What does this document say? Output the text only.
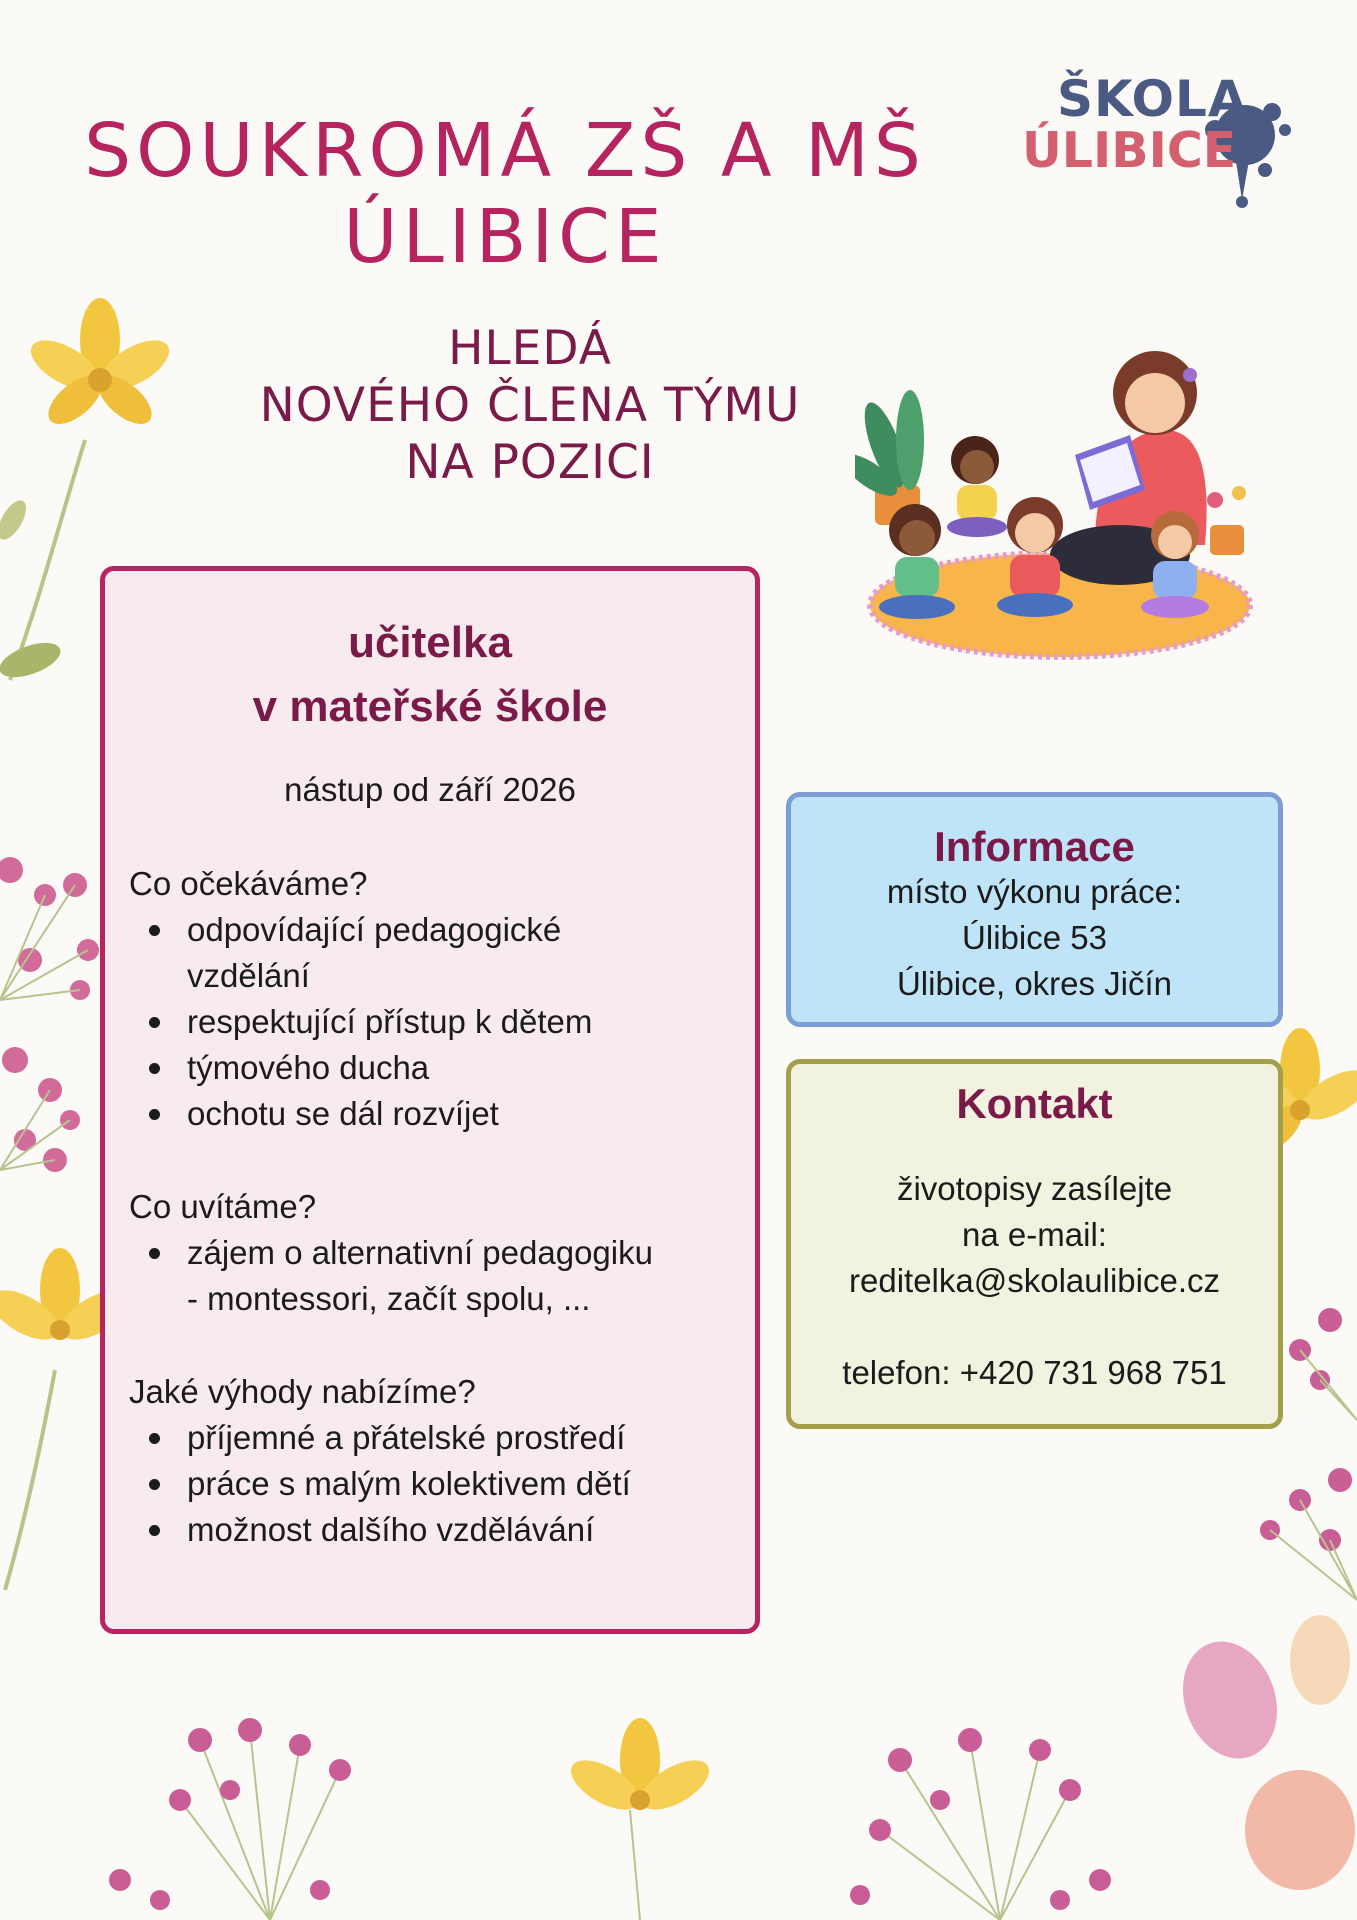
SOUKROMÁ ZŠ A MŠ
ÚLIBICE
HLEDÁ
NOVÉHO ČLENA TÝMU
NA POZICI
ŠKOLA
ÚLIBICE
učitelka
v mateřské škole
nástup od září 2026
Co očekáváme?
odpovídající pedagogické
vzdělání
respektující přístup k dětem
týmového ducha
ochotu se dál rozvíjet
Co uvítáme?
zájem o alternativní pedagogiku
- montessori, začít spolu, ...
Jaké výhody nabízíme?
příjemné a přátelské prostředí
práce s malým kolektivem dětí
možnost dalšího vzdělávání
Informace
místo výkonu práce:
Úlibice 53
Úlibice, okres Jičín
Kontakt
životopisy zasílejte
na e-mail:
reditelka@skolaulibice.cz
telefon: +420 731 968 751
